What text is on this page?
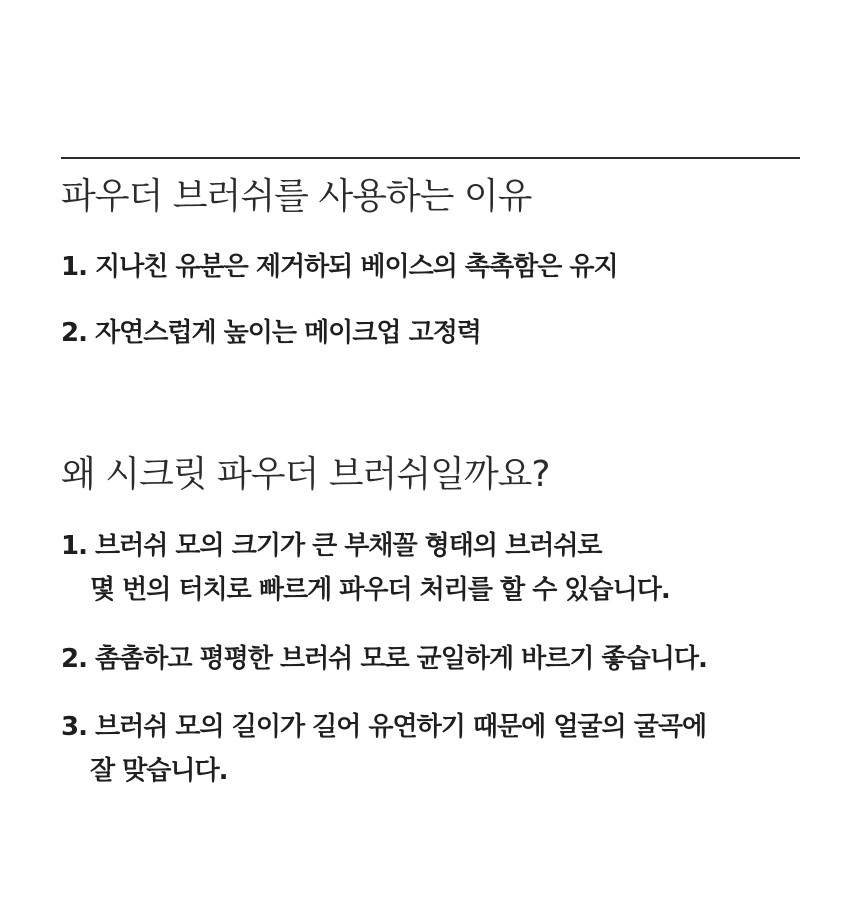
파우더 브러쉬를 사용하는 이유
1. 지나친 유분은 제거하되 베이스의 촉촉함은 유지
2. 자연스럽게 높이는 메이크업 고정력
왜 시크릿 파우더 브러쉬일까요?
1. 브러쉬 모의 크기가 큰 부채꼴 형태의 브러쉬로
몇 번의 터치로 빠르게 파우더 처리를 할 수 있습니다.
2. 촘촘하고 평평한 브러쉬 모로 균일하게 바르기 좋습니다.
3. 브러쉬 모의 길이가 길어 유연하기 때문에 얼굴의 굴곡에
잘 맞습니다.
